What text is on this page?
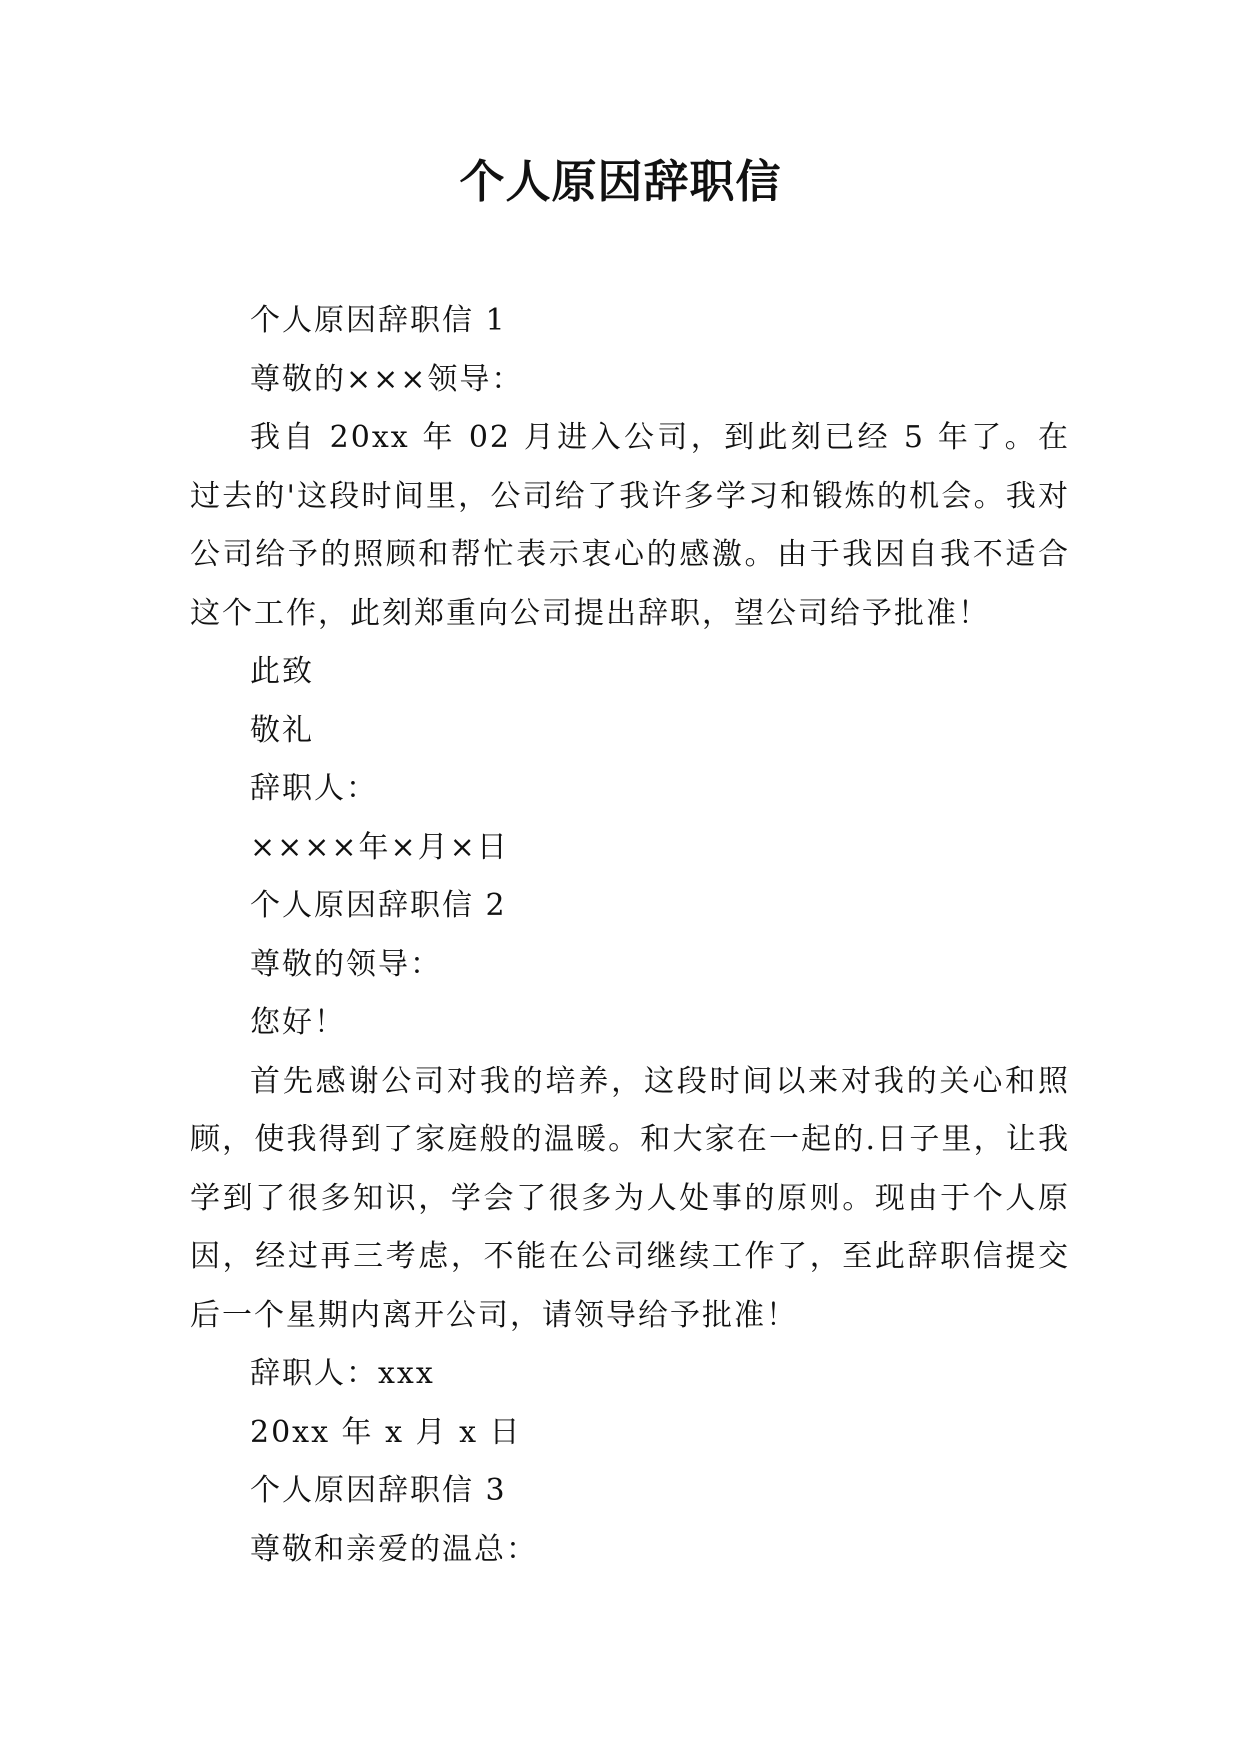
个人原因辞职信

个人原因辞职信 1

尊敬的×××领导：

我自 20xx 年 02 月进入公司，到此刻已经 5 年了。在过去的'这段时间里，公司给了我许多学习和锻炼的机会。我对公司给予的照顾和帮忙表示衷心的感激。由于我因自我不适合这个工作，此刻郑重向公司提出辞职，望公司给予批准！

此致

敬礼

辞职人：

××××年×月×日

个人原因辞职信 2

尊敬的领导：

您好！

首先感谢公司对我的培养，这段时间以来对我的关心和照顾，使我得到了家庭般的温暖。和大家在一起的.日子里，让我学到了很多知识，学会了很多为人处事的原则。现由于个人原因，经过再三考虑，不能在公司继续工作了，至此辞职信提交后一个星期内离开公司，请领导给予批准！

辞职人：xxx

20xx 年 x 月 x 日

个人原因辞职信 3

尊敬和亲爱的温总：
